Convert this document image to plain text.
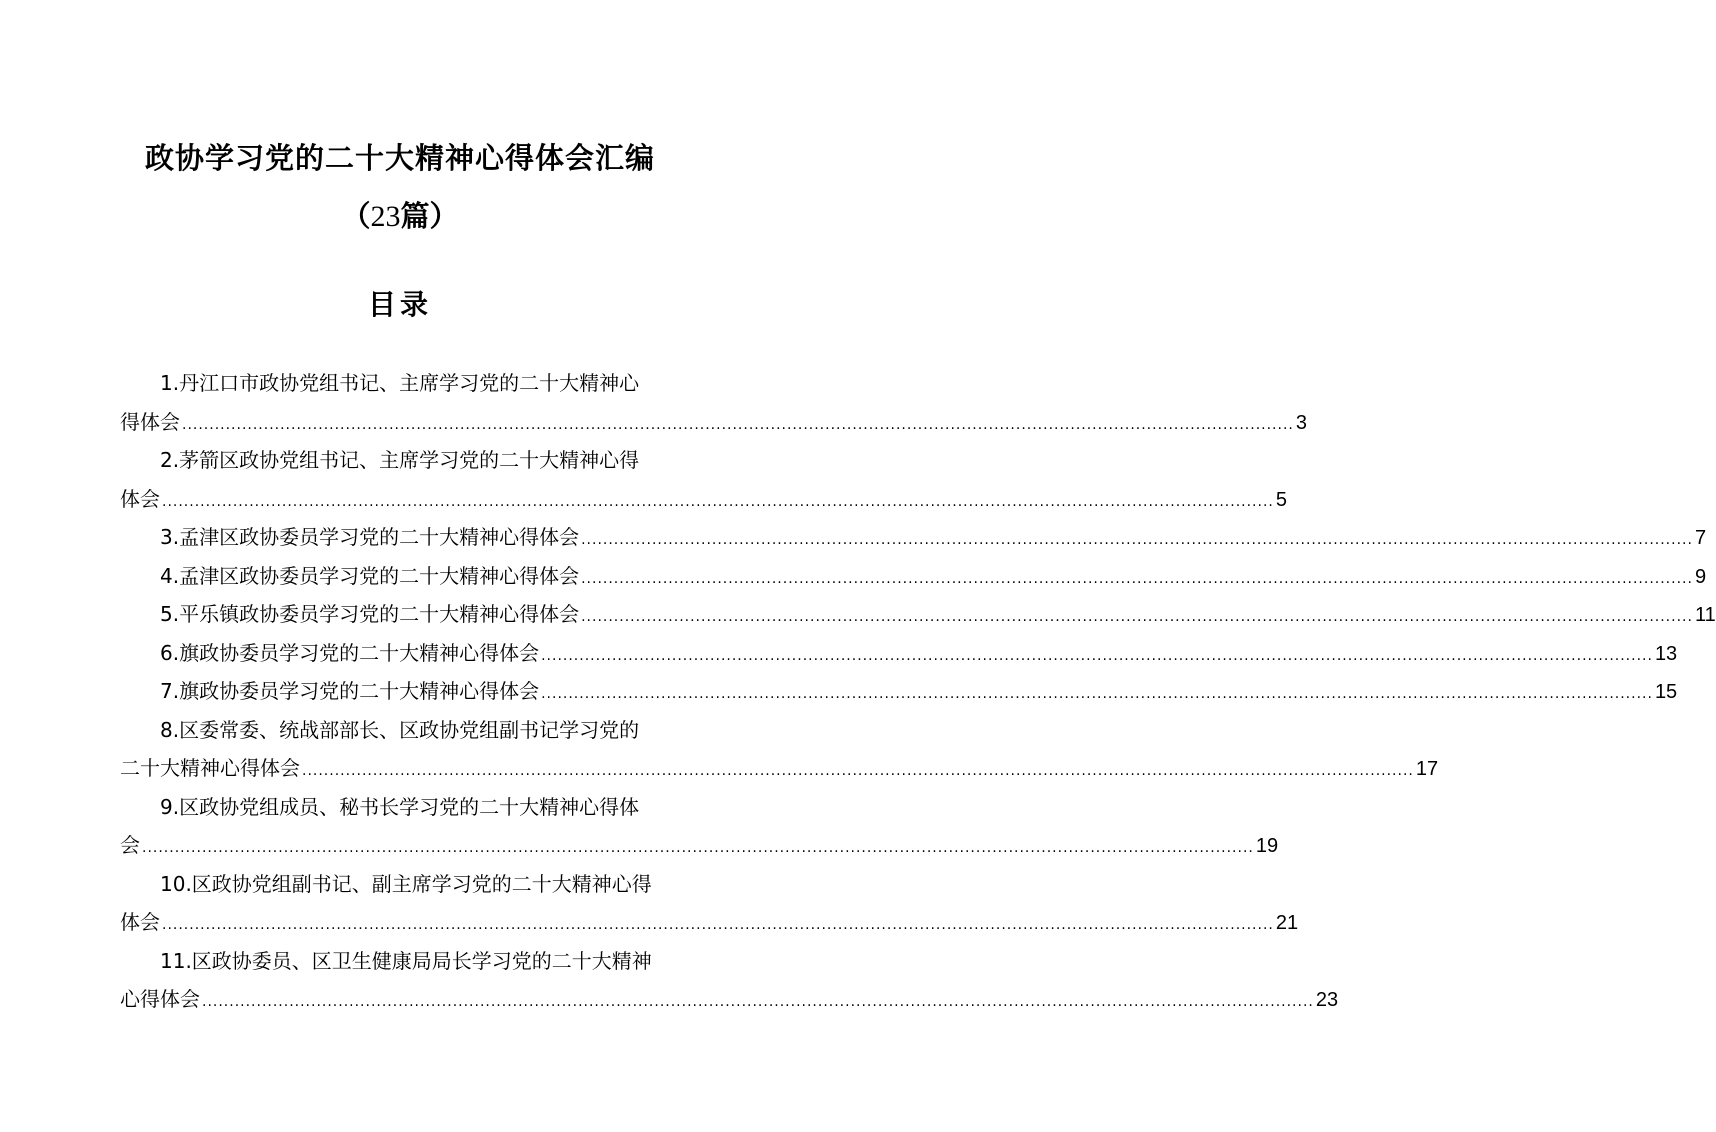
政协学习党的二十大精神心得体会汇编
（23篇）
目录
1.丹江口市政协党组书记、主席学习党的二十大精神心
得体会 .....	3
2.茅箭区政协党组书记、主席学习党的二十大精神心得
体会 .....	5
3.孟津区政协委员学习党的二十大精神心得体会 .....	7
4.孟津区政协委员学习党的二十大精神心得体会 .....	9
5.平乐镇政协委员学习党的二十大精神心得体会 .....	11
6.旗政协委员学习党的二十大精神心得体会 .....	13
7.旗政协委员学习党的二十大精神心得体会 .....	15
8.区委常委、统战部部长、区政协党组副书记学习党的
二十大精神心得体会 .....	17
9.区政协党组成员、秘书长学习党的二十大精神心得体
会 .....	19
10.区政协党组副书记、副主席学习党的二十大精神心得
体会 .....	21
11.区政协委员、区卫生健康局局长学习党的二十大精神
心得体会 .....	23
